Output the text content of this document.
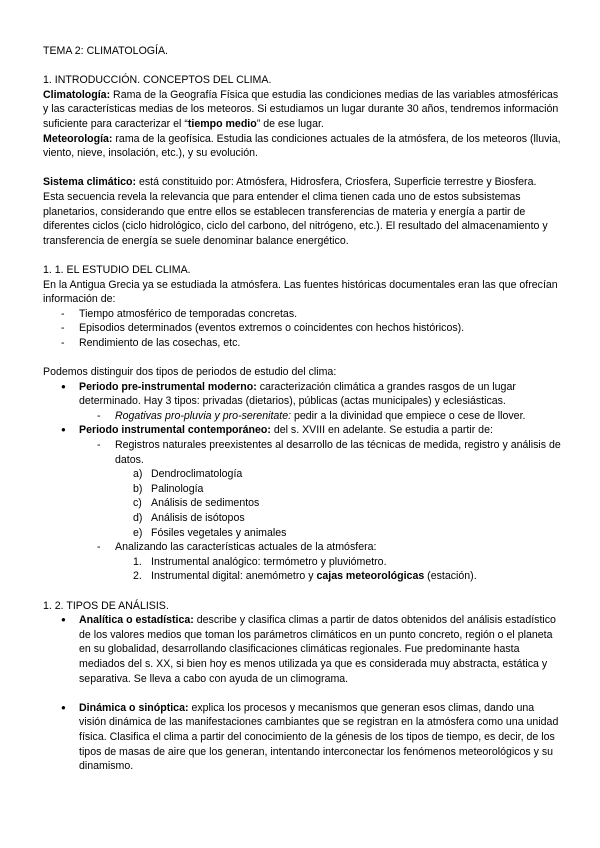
TEMA 2: CLIMATOLOGÍA.

1. INTRODUCCIÓN. CONCEPTOS DEL CLIMA.

Climatología: Rama de la Geografía Física que estudia las condiciones medias de las variables atmosféricas y las características medias de los meteoros. Si estudiamos un lugar durante 30 años, tendremos información suficiente para caracterizar el “tiempo medio” de ese lugar.

Meteorología: rama de la geofísica. Estudia las condiciones actuales de la atmósfera, de los meteoros (lluvia, viento, nieve, insolación, etc.), y su evolución.

Sistema climático: está constituido por: Atmósfera, Hidrosfera, Criosfera, Superficie terrestre y Biosfera.

Esta secuencia revela la relevancia que para entender el clima tienen cada uno de estos subsistemas planetarios, considerando que entre ellos se establecen transferencias de materia y energía a partir de diferentes ciclos (ciclo hidrológico, ciclo del carbono, del nitrógeno, etc.). El resultado del almacenamiento y transferencia de energía se suele denominar balance energético.

1. 1. EL ESTUDIO DEL CLIMA.

En la Antigua Grecia ya se estudiada la atmósfera. Las fuentes históricas documentales eran las que ofrecían información de:

- Tiempo atmosférico de temporadas concretas.
- Episodios determinados (eventos extremos o coincidentes con hechos históricos).
- Rendimiento de las cosechas, etc.

Podemos distinguir dos tipos de periodos de estudio del clima:

● Periodo pre-instrumental moderno: caracterización climática a grandes rasgos de un lugar determinado. Hay 3 tipos: privadas (dietarios), públicas (actas municipales) y eclesiásticas.
- Rogativas pro-pluvia y pro-serenitate: pedir a la divinidad que empiece o cese de llover.
● Periodo instrumental contemporáneo: del s. XVIII en adelante. Se estudia a partir de:
- Registros naturales preexistentes al desarrollo de las técnicas de medida, registro y análisis de datos.
a) Dendroclimatología
b) Palinología
c) Análisis de sedimentos
d) Análisis de isótopos
e) Fósiles vegetales y animales
- Analizando las características actuales de la atmósfera:
1. Instrumental analógico: termómetro y pluviómetro.
2. Instrumental digital: anemómetro y cajas meteorológicas (estación).

1. 2. TIPOS DE ANÁLISIS.

● Analítica o estadística: describe y clasifica climas a partir de datos obtenidos del análisis estadístico de los valores medios que toman los parámetros climáticos en un punto concreto, región o el planeta en su globalidad, desarrollando clasificaciones climáticas regionales. Fue predominante hasta mediados del s. XX, si bien hoy es menos utilizada ya que es considerada muy abstracta, estática y separativa. Se lleva a cabo con ayuda de un climograma.
● Dinámica o sinóptica: explica los procesos y mecanismos que generan esos climas, dando una visión dinámica de las manifestaciones cambiantes que se registran en la atmósfera como una unidad física. Clasifica el clima a partir del conocimiento de la génesis de los tipos de tiempo, es decir, de los tipos de masas de aire que los generan, intentando interconectar los fenómenos meteorológicos y su dinamismo.
